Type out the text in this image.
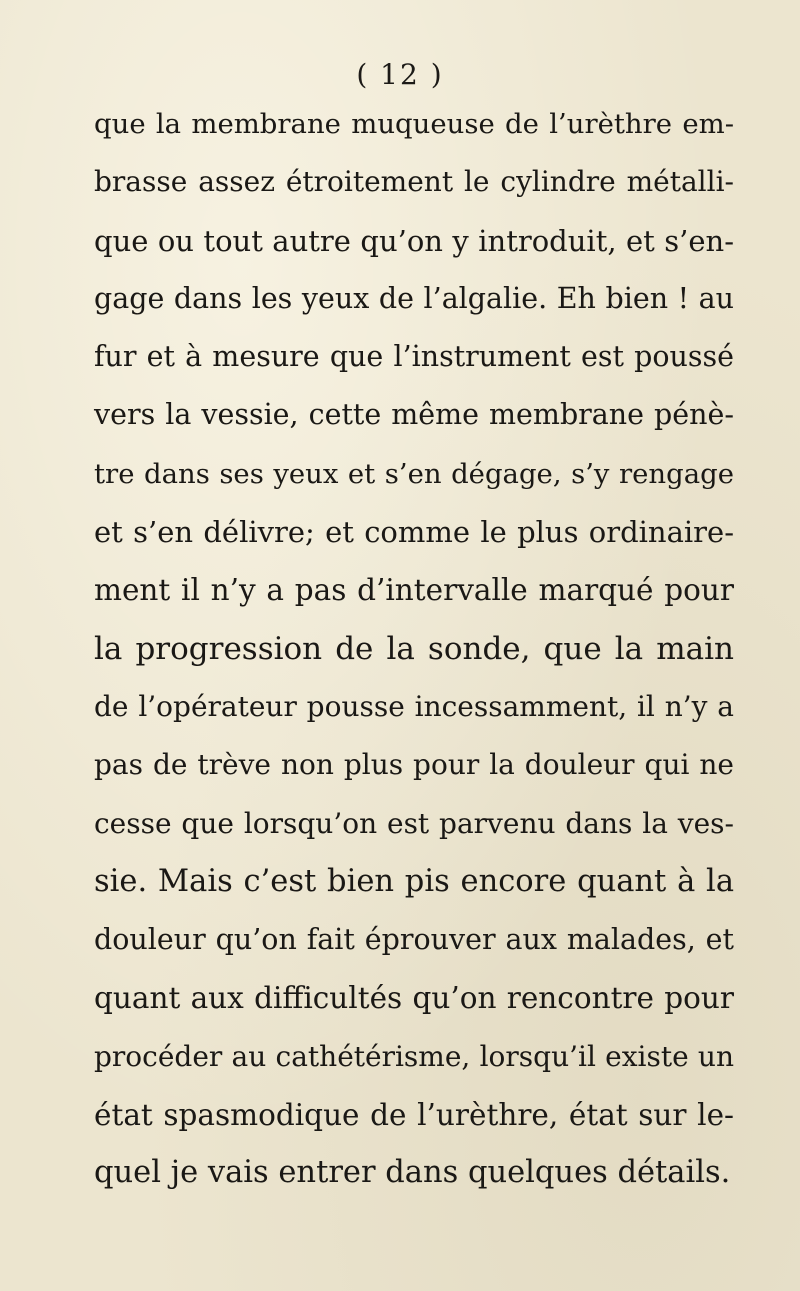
( 12 )
que la membrane muqueuse de l’urèthre em-
brasse assez étroitement le cylindre métalli-
que ou tout autre qu’on y introduit, et s’en-
gage dans les yeux de l’algalie. Eh bien ! au
fur et à mesure que l’instrument est poussé
vers la vessie, cette même membrane pénè-
tre dans ses yeux et s’en dégage, s’y rengage
et s’en délivre; et comme le plus ordinaire-
ment il n’y a pas d’intervalle marqué pour
la progression de la sonde, que la main
de l’opérateur pousse incessamment, il n’y a
pas de trève non plus pour la douleur qui ne
cesse que lorsqu’on est parvenu dans la ves-
sie. Mais c’est bien pis encore quant à la
douleur qu’on fait éprouver aux malades, et
quant aux difficultés qu’on rencontre pour
procéder au cathétérisme, lorsqu’il existe un
état spasmodique de l’urèthre, état sur le-
quel je vais entrer dans quelques détails.
